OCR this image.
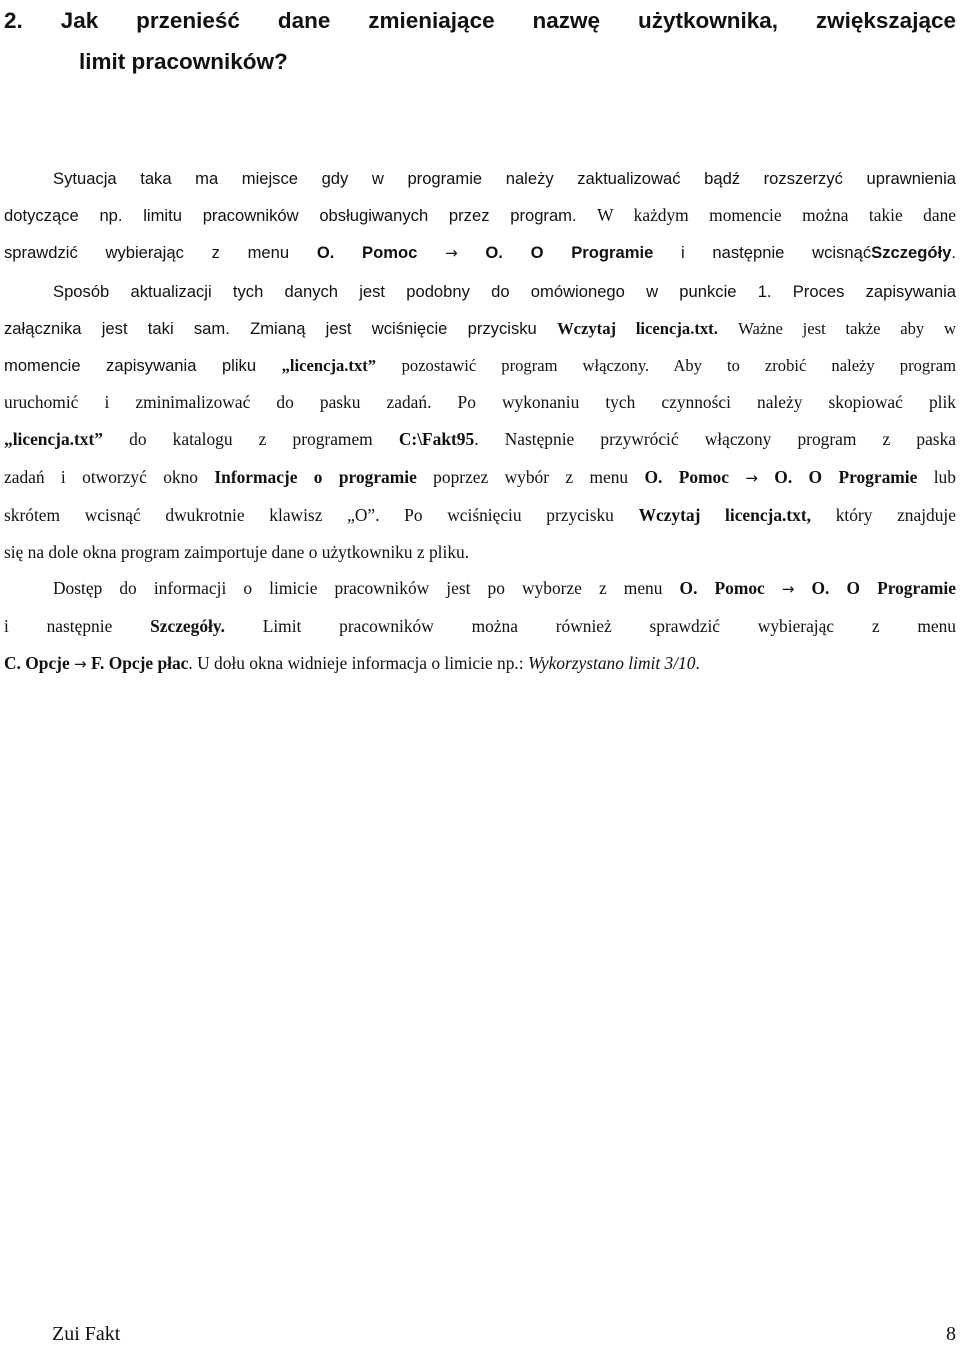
2. Jak przenieść dane zmieniające nazwę użytkownika, zwiększające
limit pracowników?
Sytuacja taka ma miejsce gdy w programie należy zaktualizować bądź rozszerzyć uprawnienia
dotyczące np. limitu pracowników obsługiwanych przez program. W każdym momencie można takie dane
sprawdzić wybierając z menu O. Pomoc → O. O Programie i następnie wcisnąćSzczegóły.
Sposób aktualizacji tych danych jest podobny do omówionego w punkcie 1. Proces zapisywania
załącznika jest taki sam. Zmianą jest wciśnięcie przycisku Wczytaj licencja.txt. Ważne jest także aby w
momencie zapisywania pliku „licencja.txt” pozostawić program włączony. Aby to zrobić należy program
uruchomić i zminimalizować do pasku zadań. Po wykonaniu tych czynności należy skopiować plik
„licencja.txt” do katalogu z programem C:\Fakt95. Następnie przywrócić włączony program z paska
zadań i otworzyć okno Informacje o programie poprzez wybór z menu O. Pomoc → O. O Programie lub
skrótem wcisnąć dwukrotnie klawisz „O”. Po wciśnięciu przycisku Wczytaj licencja.txt, który znajduje
się na dole okna program zaimportuje dane o użytkowniku z pliku.
Dostęp do informacji o limicie pracowników jest po wyborze z menu O. Pomoc → O. O Programie
i następnie Szczegóły. Limit pracowników można również sprawdzić wybierając z menu
C. Opcje → F. Opcje płac. U dołu okna widnieje informacja o limicie np.: Wykorzystano limit 3/10.
Zui Fakt	8
